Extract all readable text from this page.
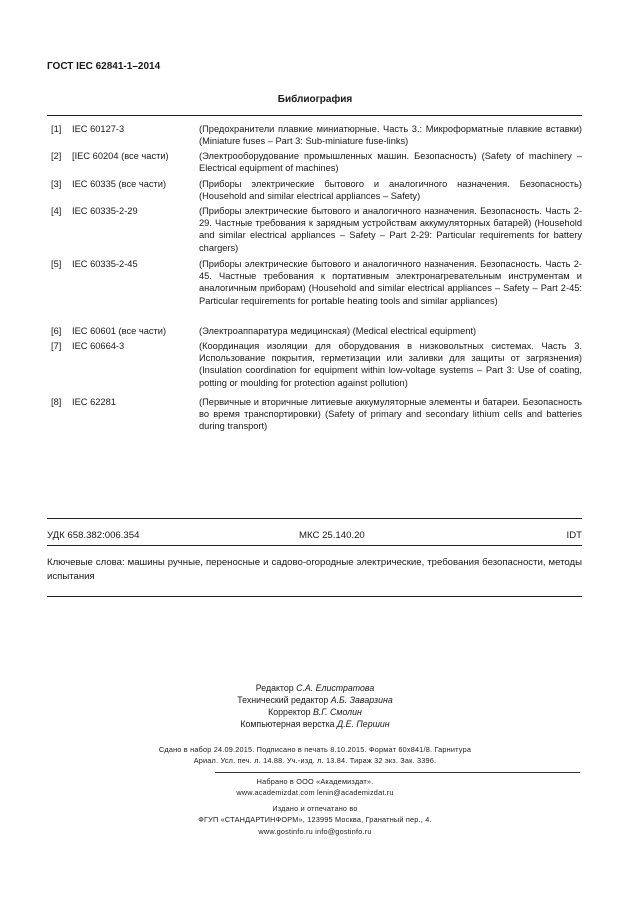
ГОСТ IEC 62841-1–2014
Библиография
[1] IEC 60127-3	(Предохранители плавкие миниатюрные. Часть 3.: Микроформатные плавкие вставки) (Miniature fuses – Part 3: Sub-miniature fuse-links)
[2] [IEC 60204 (все части)	(Электрооборудование промышленных машин. Безопасность) (Safety of machinery – Electrical equipment of machines)
[3] IEC 60335 (все части)	(Приборы электрические бытового и аналогичного назначения. Безопасность) (Household and similar electrical appliances – Safety)
[4] IEC 60335-2-29	(Приборы электрические бытового и аналогичного назначения. Безопасность. Часть 2-29. Частные требования к зарядным устройствам аккумуляторных батарей) (Household and similar electrical appliances – Safety – Part 2-29: Particular requirements for battery chargers)
[5] IEC 60335-2-45	(Приборы электрические бытового и аналогичного назначения. Безопасность. Часть 2-45. Частные требования к портативным электронагревательным инструментам и аналогичным приборам) (Household and similar electrical appliances – Safety – Part 2-45: Particular requirements for portable heating tools and similar appliances)
[6] IEC 60601 (все части)	(Электроаппаратура медицинская) (Medical electrical equipment)
[7] IEC 60664-3	(Координация изоляции для оборудования в низковольтных системах. Часть 3. Использование покрытия, герметизации или заливки для защиты от загрязнения) (Insulation coordination for equipment within low-voltage systems – Part 3: Use of coating, potting or moulding for protection against pollution)
[8] IEC 62281	(Первичные и вторичные литиевые аккумуляторные элементы и батареи. Безопасность во время транспортировки) (Safety of primary and secondary lithium cells and batteries during transport)
УДК 658.382:006.354	МКС 25.140.20	IDT
Ключевые слова: машины ручные, переносные и садово-огородные электрические, требования безопасности, методы испытания
Редактор С.А. Елистратова
Технический редактор А.Б. Заварзина
Корректор В.Г. Смолин
Компьютерная верстка Д.Е. Першин
Сдано в набор 24.09.2015. Подписано в печать 8.10.2015. Формат 60х841/8. Гарнитура
Ариал. Усл. печ. л. 14.88. Уч.-изд. л. 13.84. Тираж 32 экз. Зак. 3396.
Набрано в ООО «Академиздат».
www.academizdat.com lenin@academizdat.ru
Издано и отпечатано во
ФГУП «СТАНДАРТИНФОРМ», 123995 Москва, Гранатный пер., 4.
www.gostinfo.ru info@gostinfo.ru
